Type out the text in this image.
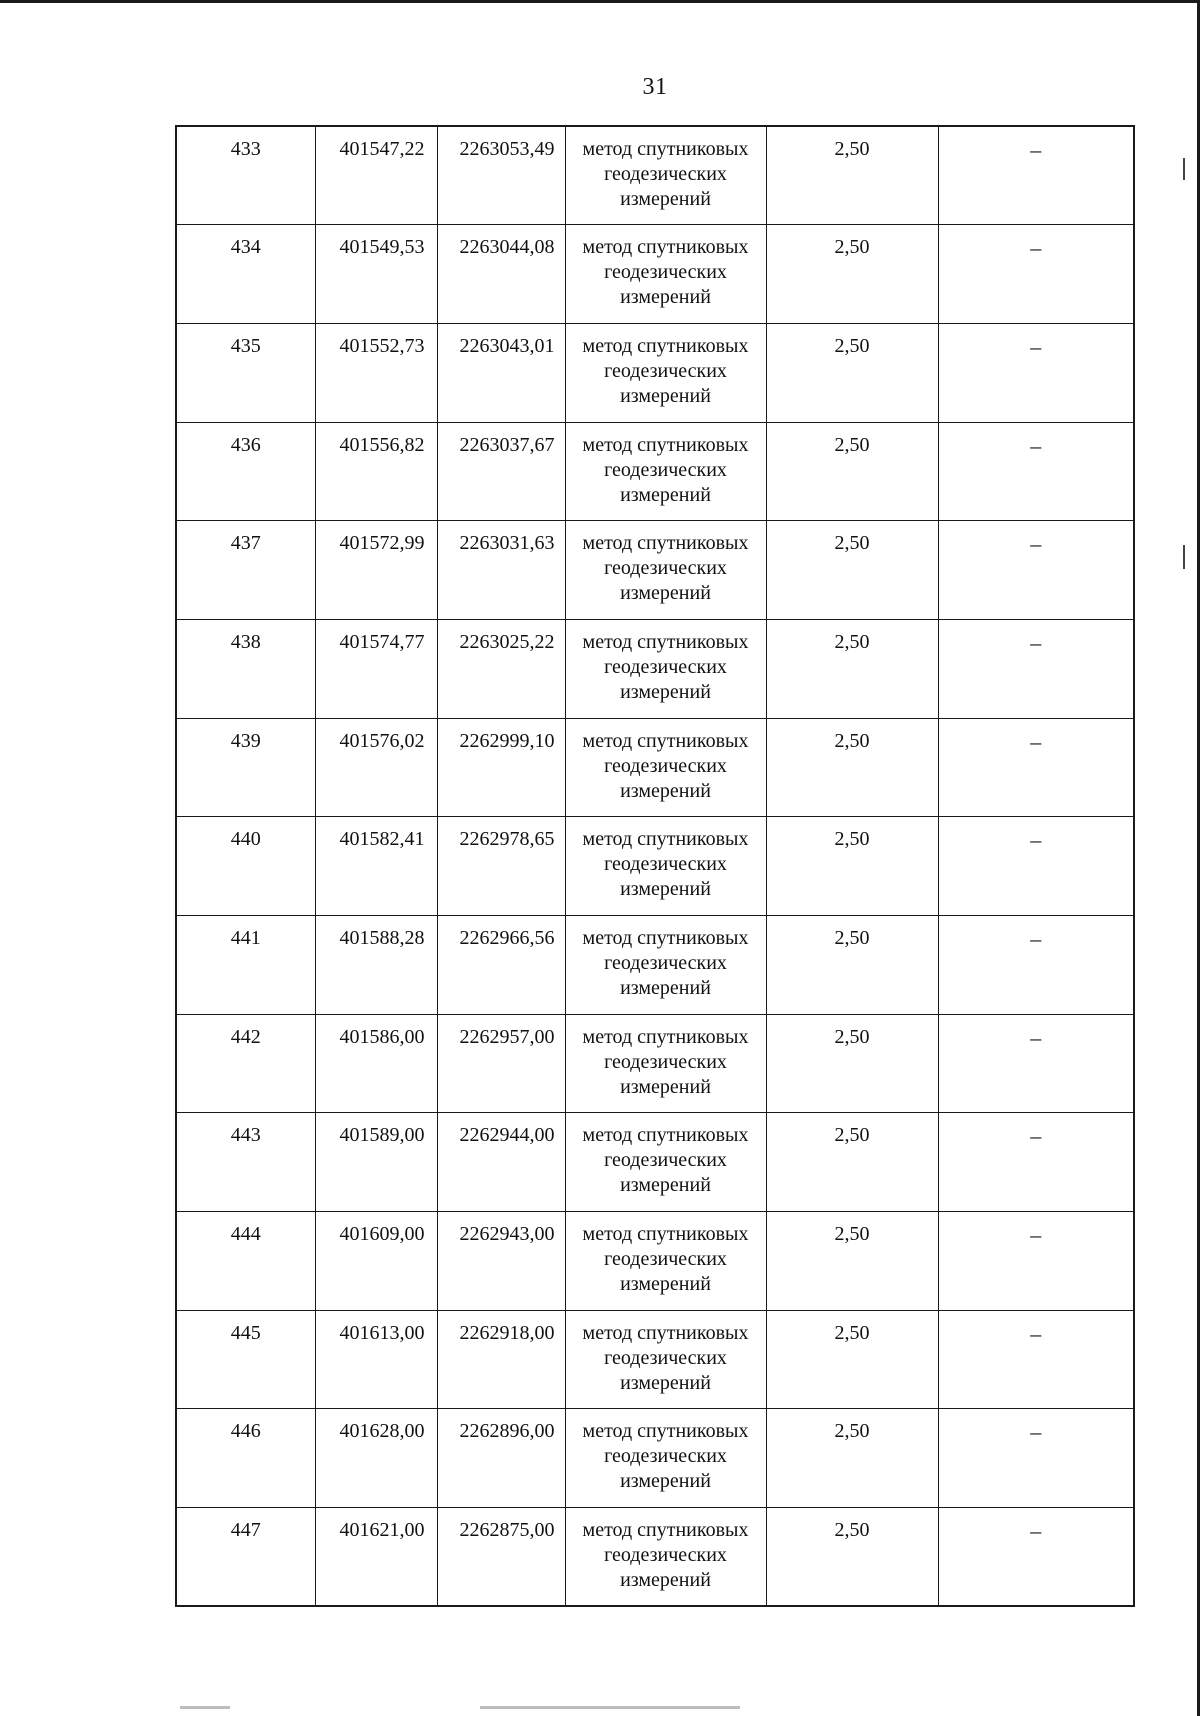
31
433	401547,22	2263053,49	метод спутниковых геодезических измерений	2,50	–
434	401549,53	2263044,08	метод спутниковых геодезических измерений	2,50	–
435	401552,73	2263043,01	метод спутниковых геодезических измерений	2,50	–
436	401556,82	2263037,67	метод спутниковых геодезических измерений	2,50	–
437	401572,99	2263031,63	метод спутниковых геодезических измерений	2,50	–
438	401574,77	2263025,22	метод спутниковых геодезических измерений	2,50	–
439	401576,02	2262999,10	метод спутниковых геодезических измерений	2,50	–
440	401582,41	2262978,65	метод спутниковых геодезических измерений	2,50	–
441	401588,28	2262966,56	метод спутниковых геодезических измерений	2,50	–
442	401586,00	2262957,00	метод спутниковых геодезических измерений	2,50	–
443	401589,00	2262944,00	метод спутниковых геодезических измерений	2,50	–
444	401609,00	2262943,00	метод спутниковых геодезических измерений	2,50	–
445	401613,00	2262918,00	метод спутниковых геодезических измерений	2,50	–
446	401628,00	2262896,00	метод спутниковых геодезических измерений	2,50	–
447	401621,00	2262875,00	метод спутниковых геодезических измерений	2,50	–
